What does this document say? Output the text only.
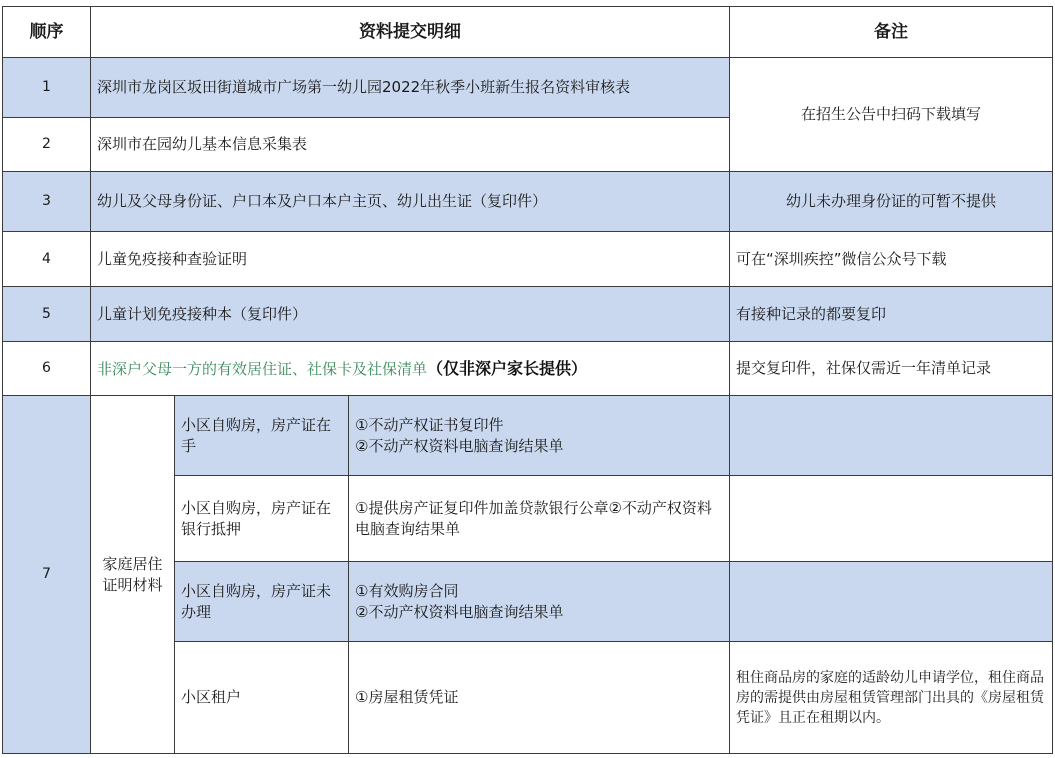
顺序	资料提交明细			备注
1	深圳市龙岗区坂田街道城市广场第一幼儿园2022年秋季小班新生报名资料审核表			在招生公告中扫码下载填写
2	深圳市在园幼儿基本信息采集表			
3	幼儿及父母身份证、户口本及户口本户主页、幼儿出生证（复印件）			幼儿未办理身份证的可暂不提供
4	儿童免疫接种查验证明			可在“深圳疾控”微信公众号下载
5	儿童计划免疫接种本（复印件）			有接种记录的都要复印
6	非深户父母一方的有效居住证、社保卡及社保清单（仅非深户家长提供）			提交复印件，社保仅需近一年清单记录
7	家庭居住证明材料	小区自购房，房产证在手	①不动产权证书复印件
②不动产权资料电脑查询结果单	
		小区自购房，房产证在银行抵押	①提供房产证复印件加盖贷款银行公章②不动产权资料电脑查询结果单	
		小区自购房，房产证未办理	①有效购房合同
②不动产权资料电脑查询结果单	
		小区租户	①房屋租赁凭证	租住商品房的家庭的适龄幼儿申请学位，租住商品房的需提供由房屋租赁管理部门出具的《房屋租赁凭证》且正在租期以内。
